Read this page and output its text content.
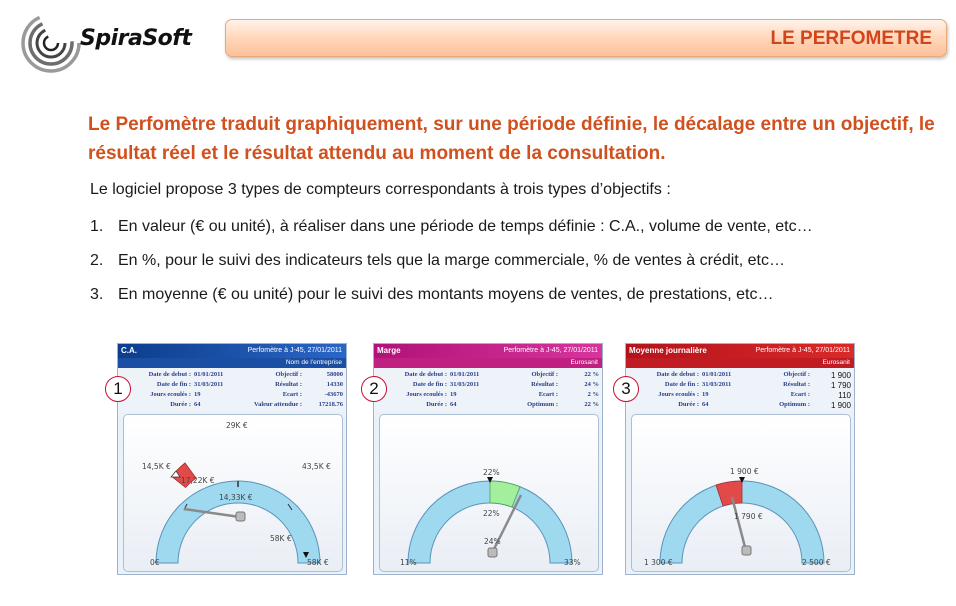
SpiraSoft	LE PERFOMETRE
Le Perfomètre traduit graphiquement, sur une période définie, le décalage entre un objectif, le résultat réel et le résultat attendu au moment de la consultation.
Le logiciel propose 3 types de compteurs correspondants à trois types d’objectifs :
1. En valeur (€ ou unité), à réaliser dans une période de temps définie : C.A., volume de vente, etc…
2. En %, pour le suivi des indicateurs tels que la marge commerciale, % de ventes à crédit, etc…
3. En moyenne (€ ou unité) pour le suivi des montants moyens de ventes, de prestations, etc…
C.A.	Perfomètre à J-45, 27/01/2011
Nom de l'entreprise
Date de debut : 01/01/2011
Date de fin : 31/03/2011
Jours ecoulés : 19
Durée : 64
Objectif :	58000
Résultat :	14330
Ecart :	-43670
Valeur attendue :	17218.76
29K €
14,5K €	43,5K €
17,22K €
14,33K €
58K €
0€	58K €
Marge	Perfomètre à J-45, 27/01/2011
Eurosanit
Date de debut : 01/01/2011
Date de fin : 31/03/2011
Jours ecoulés : 19
Durée : 64
Objectif :	22 %
Résultat :	24 %
Ecart :	2 %
Optimum :	22 %
22%
22%
24%
11%	33%
Moyenne journalière	Perfomètre à J-45, 27/01/2011
Eurosanit
Date de debut : 01/01/2011
Date de fin : 31/03/2011
Jours ecoulés : 19
Durée : 64
Objectif :	1 900
Résultat :	1 790
Ecart :	110
Optimum :	1 900
1 900 €
1 790 €
1 300 €	2 500 €
1	2	3
